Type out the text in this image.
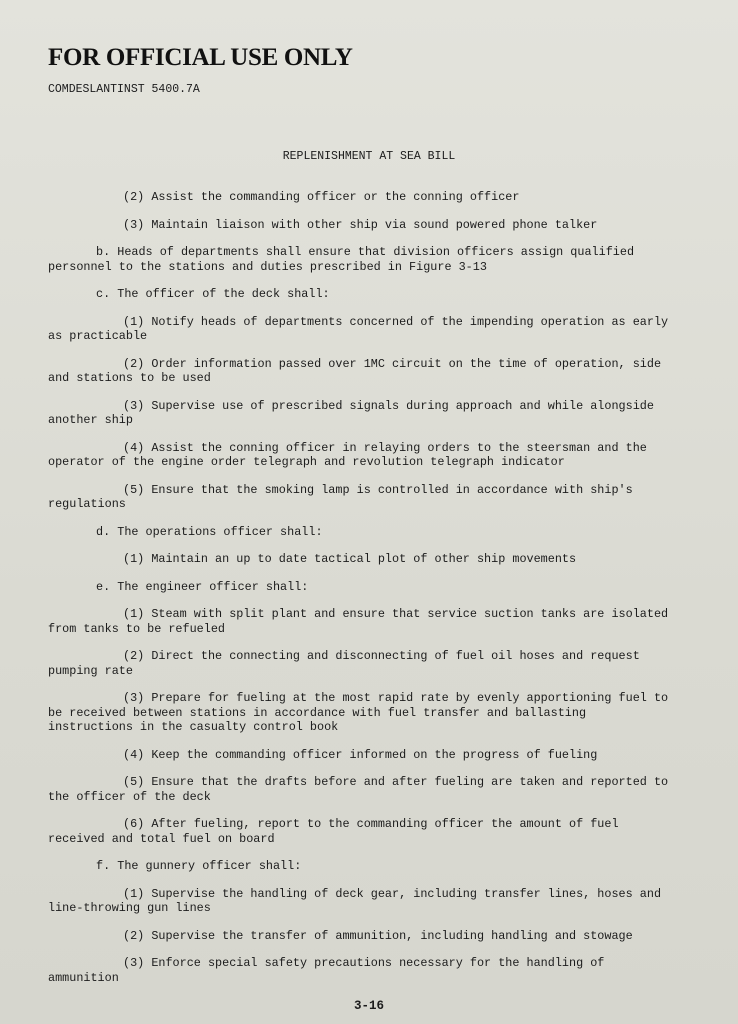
FOR OFFICIAL USE ONLY
COMDESLANTINST 5400.7A
REPLENISHMENT AT SEA BILL
(2) Assist the commanding officer or the conning officer
(3) Maintain liaison with other ship via sound powered phone talker
b. Heads of departments shall ensure that division officers assign qualified personnel to the stations and duties prescribed in Figure 3-13
c. The officer of the deck shall:
(1) Notify heads of departments concerned of the impending operation as early as practicable
(2) Order information passed over 1MC circuit on the time of operation, side and stations to be used
(3) Supervise use of prescribed signals during approach and while alongside another ship
(4) Assist the conning officer in relaying orders to the steersman and the operator of the engine order telegraph and revolution telegraph indicator
(5) Ensure that the smoking lamp is controlled in accordance with ship's regulations
d. The operations officer shall:
(1) Maintain an up to date tactical plot of other ship movements
e. The engineer officer shall:
(1) Steam with split plant and ensure that service suction tanks are isolated from tanks to be refueled
(2) Direct the connecting and disconnecting of fuel oil hoses and request pumping rate
(3) Prepare for fueling at the most rapid rate by evenly apportioning fuel to be received between stations in accordance with fuel transfer and ballasting instructions in the casualty control book
(4) Keep the commanding officer informed on the progress of fueling
(5) Ensure that the drafts before and after fueling are taken and reported to the officer of the deck
(6) After fueling, report to the commanding officer the amount of fuel received and total fuel on board
f. The gunnery officer shall:
(1) Supervise the handling of deck gear, including transfer lines, hoses and line-throwing gun lines
(2) Supervise the transfer of ammunition, including handling and stowage
(3) Enforce special safety precautions necessary for the handling of ammunition
3-16
